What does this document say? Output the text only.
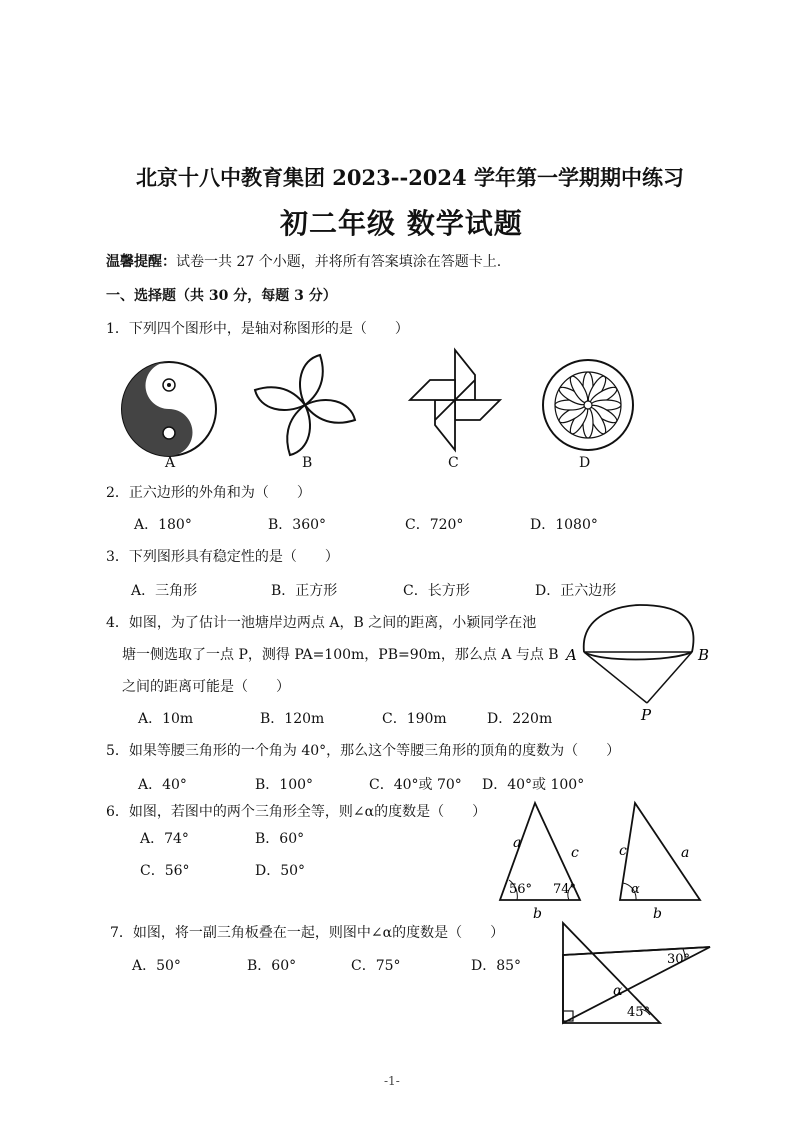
北京十八中教育集团 2023--2024 学年第一学期期中练习
初二年级 数学试题
温馨提醒：试卷一共 27 个小题，并将所有答案填涂在答题卡上.
一、选择题（共 30 分，每题 3 分）
1．下列四个图形中，是轴对称图形的是（　　）
A	B	C	D
2．正六边形的外角和为（　　）
A．180°	B．360°	C．720°	D．1080°
3．下列图形具有稳定性的是（　　）
A．三角形	B．正方形	C．长方形	D．正六边形
4．如图，为了估计一池塘岸边两点 A，B 之间的距离，小颖同学在池
塘一侧选取了一点 P，测得 PA=100m，PB=90m，那么点 A 与点 B
之间的距离可能是（　　）
A．10m	B．120m	C．190m	D．220m
A	B
P
5．如果等腰三角形的一个角为 40°，那么这个等腰三角形的顶角的度数为（　　）
A．40°	B．100°	C．40°或 70° D．40°或 100°
6．如图，若图中的两个三角形全等，则∠α的度数是（　　）
A．74°	B．60°
C．56°	D．50°
a
c
56° 74°
b
c	a
α
b
7．如图，将一副三角板叠在一起，则图中∠α的度数是（　　）
A．50°	B．60°	C．75°	D．85°	30°
α
45°
-1-
